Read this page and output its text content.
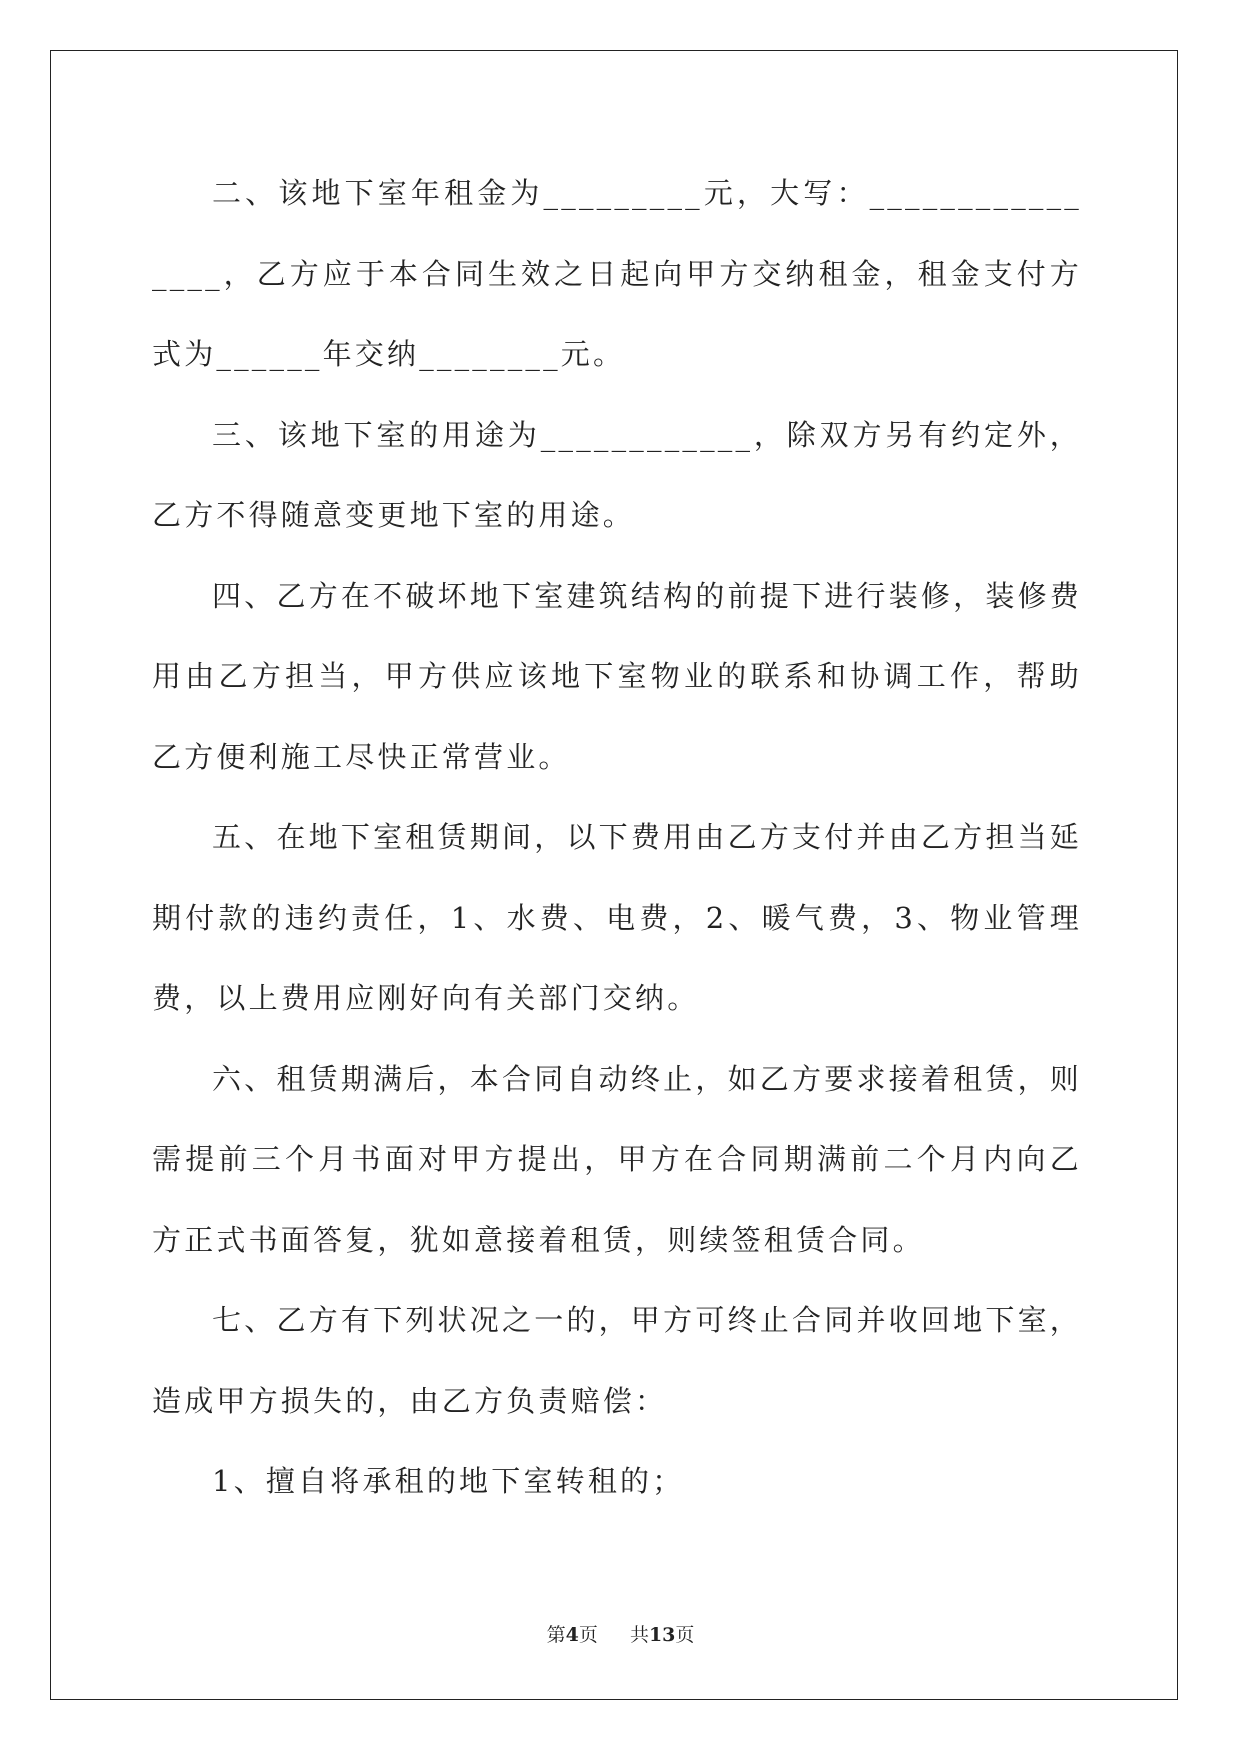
二、该地下室年租金为_________元，大写：________________，乙方应于本合同生效之日起向甲方交纳租金，租金支付方式为______年交纳________元。

三、该地下室的用途为____________，除双方另有约定外，乙方不得随意变更地下室的用途。

四、乙方在不破坏地下室建筑结构的前提下进行装修，装修费用由乙方担当，甲方供应该地下室物业的联系和协调工作，帮助乙方便利施工尽快正常营业。

五、在地下室租赁期间，以下费用由乙方支付并由乙方担当延期付款的违约责任，1、水费、电费，2、暖气费，3、物业管理费，以上费用应刚好向有关部门交纳。

六、租赁期满后，本合同自动终止，如乙方要求接着租赁，则需提前三个月书面对甲方提出，甲方在合同期满前二个月内向乙方正式书面答复，犹如意接着租赁，则续签租赁合同。

七、乙方有下列状况之一的，甲方可终止合同并收回地下室，造成甲方损失的，由乙方负责赔偿：

1、擅自将承租的地下室转租的；

第4页 共13页
